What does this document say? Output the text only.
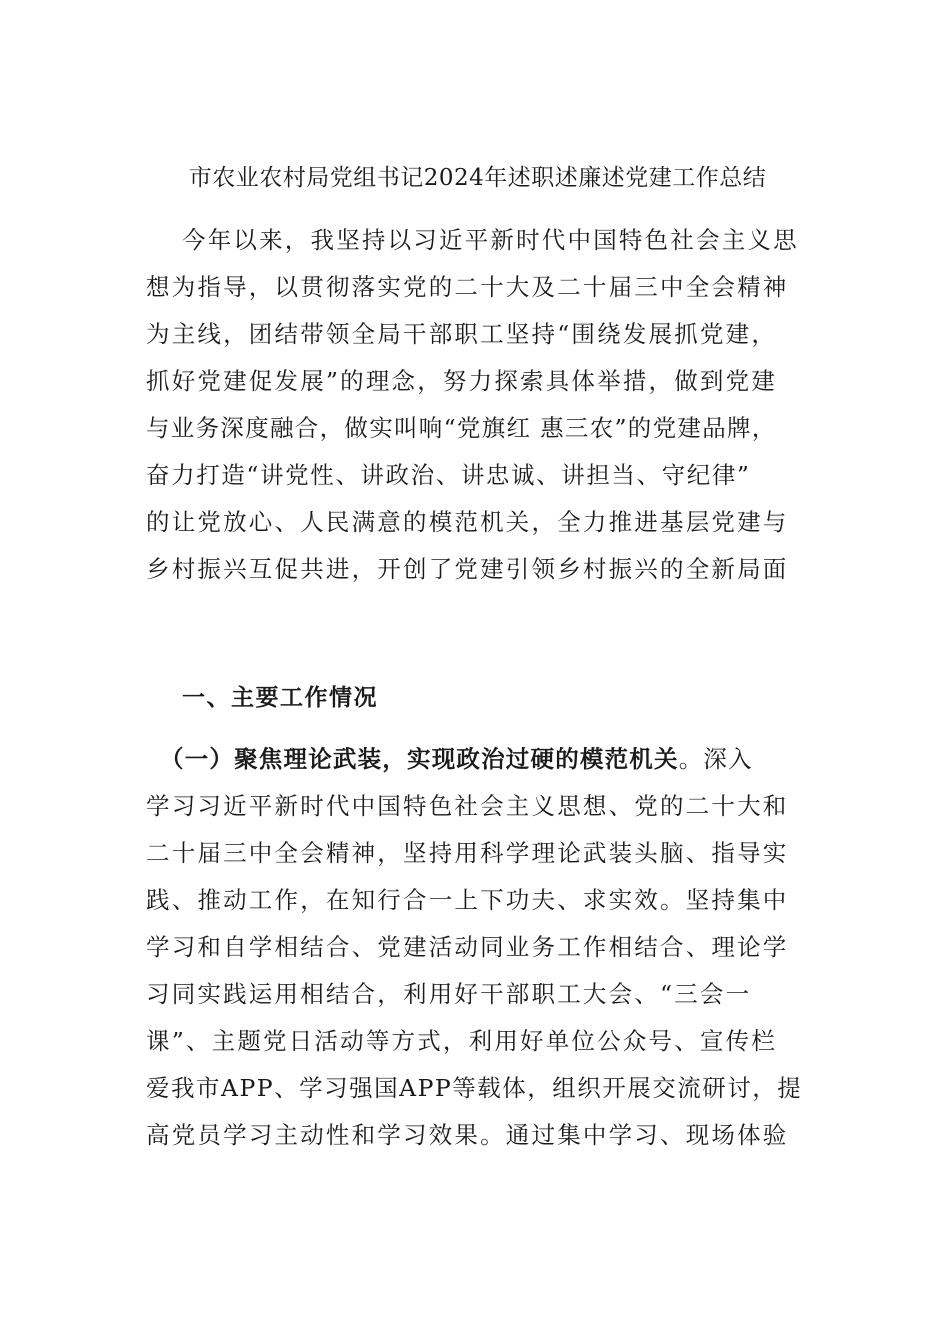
市农业农村局党组书记2024年述职述廉述党建工作总结
今年以来，我坚持以习近平新时代中国特色社会主义思
想为指导，以贯彻落实党的二十大及二十届三中全会精神
为主线，团结带领全局干部职工坚持“围绕发展抓党建，
抓好党建促发展”的理念，努力探索具体举措，做到党建
与业务深度融合，做实叫响“党旗红 惠三农”的党建品牌，
奋力打造“讲党性、讲政治、讲忠诚、讲担当、守纪律”
的让党放心、人民满意的模范机关，全力推进基层党建与
乡村振兴互促共进，开创了党建引领乡村振兴的全新局面
一、主要工作情况
（一）聚焦理论武装，实现政治过硬的模范机关。深入
学习习近平新时代中国特色社会主义思想、党的二十大和
二十届三中全会精神，坚持用科学理论武装头脑、指导实
践、推动工作，在知行合一上下功夫、求实效。坚持集中
学习和自学相结合、党建活动同业务工作相结合、理论学
习同实践运用相结合，利用好干部职工大会、“三会一
课”、主题党日活动等方式，利用好单位公众号、宣传栏
爱我市APP、学习强国APP等载体，组织开展交流研讨，提
高党员学习主动性和学习效果。通过集中学习、现场体验
